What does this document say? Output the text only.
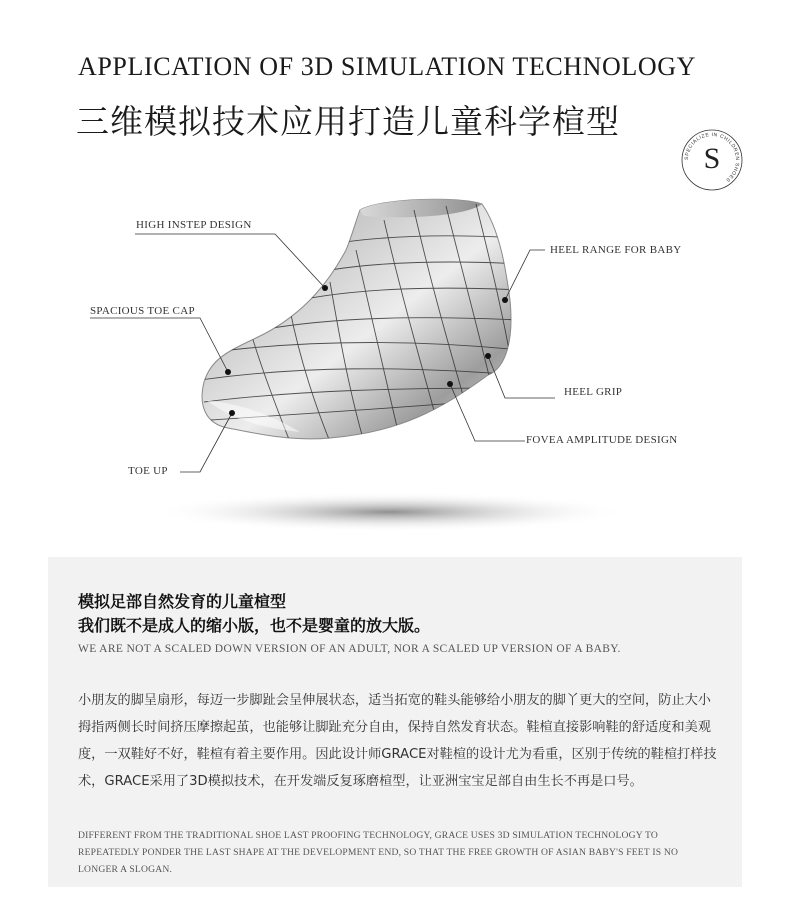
APPLICATION OF 3D SIMULATION TECHNOLOGY
三维模拟技术应用打造儿童科学楦型
SPECIALIZE IN CHILDREN SHOES
S
HIGH INSTEP DESIGN
HEEL RANGE FOR BABY
SPACIOUS TOE CAP
HEEL GRIP
FOVEA AMPLITUDE DESIGN
TOE UP
模拟足部自然发育的儿童楦型
我们既不是成人的缩小版，也不是婴童的放大版。
WE ARE NOT A SCALED DOWN VERSION OF AN ADULT, NOR A SCALED UP VERSION OF A BABY.
小朋友的脚呈扇形，每迈一步脚趾会呈伸展状态，适当拓宽的鞋头能够给小朋友的脚丫更大的空间，防止大小拇指两侧长时间挤压摩擦起茧，也能够让脚趾充分自由，保持自然发育状态。鞋楦直接影响鞋的舒适度和美观度，一双鞋好不好，鞋楦有着主要作用。因此设计师GRACE对鞋楦的设计尤为看重，区别于传统的鞋楦打样技术，GRACE采用了3D模拟技术，在开发端反复琢磨楦型，让亚洲宝宝足部自由生长不再是口号。
DIFFERENT FROM THE TRADITIONAL SHOE LAST PROOFING TECHNOLOGY, GRACE USES 3D SIMULATION TECHNOLOGY TO REPEATEDLY PONDER THE LAST SHAPE AT THE DEVELOPMENT END, SO THAT THE FREE GROWTH OF ASIAN BABY'S FEET IS NO LONGER A SLOGAN.
